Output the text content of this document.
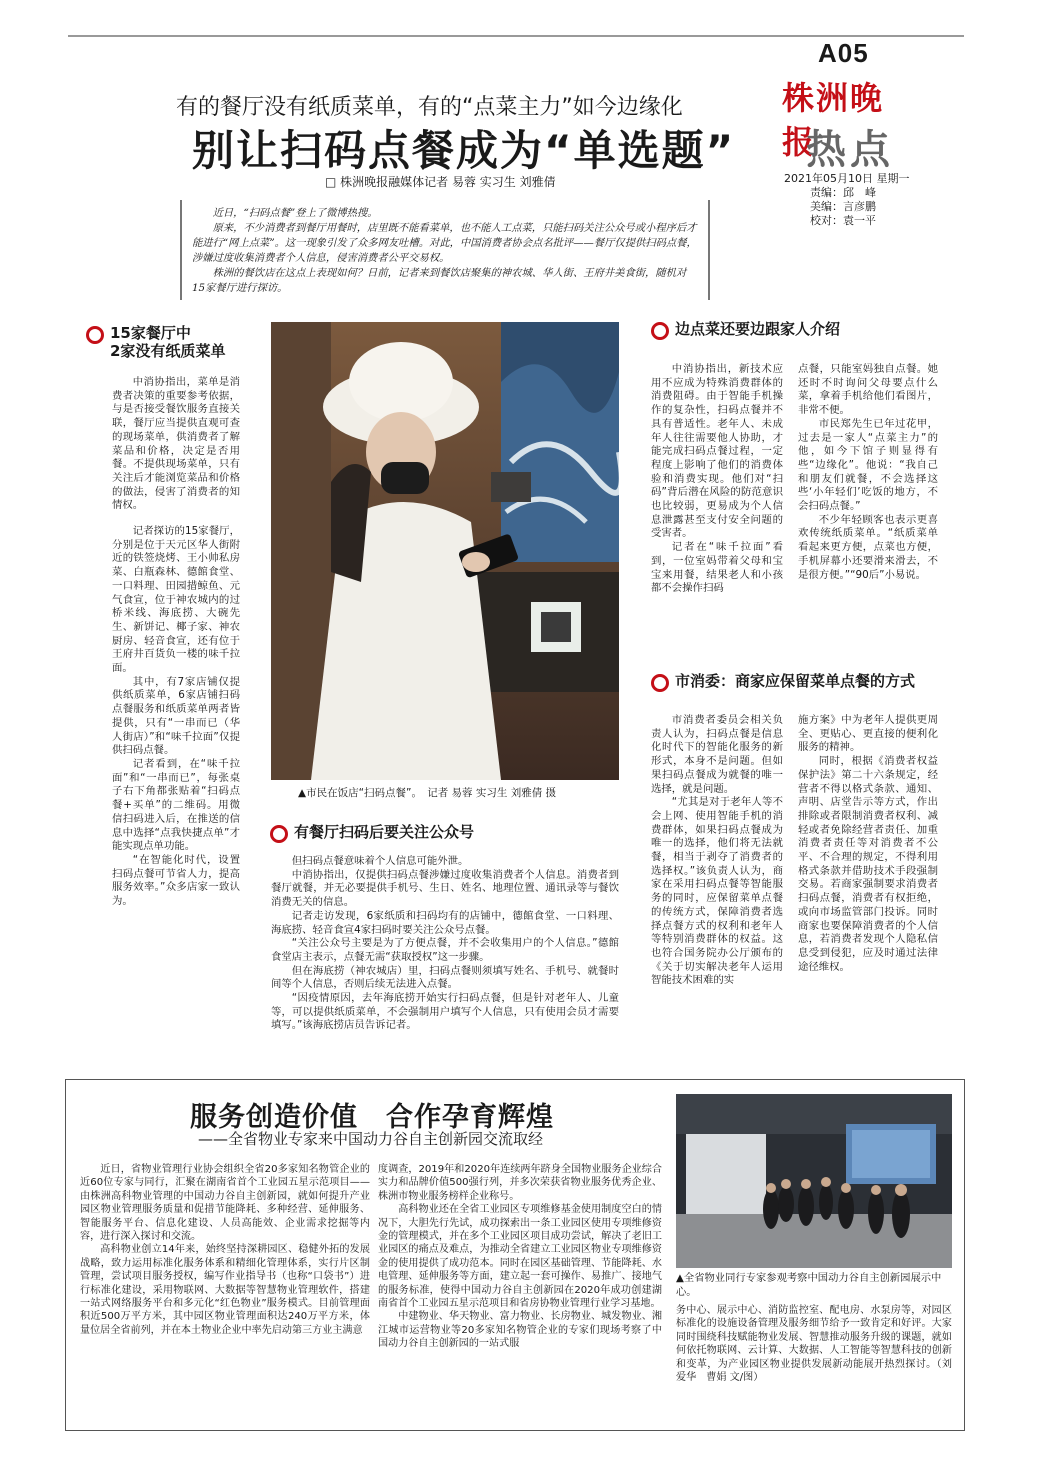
A05
株洲晚报
热点
2021年05月10日 星期一
责编：邱　峰
美编：言彦鹏
校对：袁一平
有的餐厅没有纸质菜单，有的“点菜主力”如今边缘化
别让扫码点餐成为“单选题”
□ 株洲晚报融媒体记者 易蓉 实习生 刘雅倩

近日，“扫码点餐”登上了微博热搜。

原来，不少消费者到餐厅用餐时，店里既不能看菜单，也不能人工点菜，只能扫码关注公众号或小程序后才能进行“网上点菜”。这一现象引发了众多网友吐槽。对此，中国消费者协会点名批评——餐厅仅提供扫码点餐，涉嫌过度收集消费者个人信息，侵害消费者公平交易权。

株洲的餐饮店在这点上表现如何？日前，记者来到餐饮店聚集的神农城、华人街、王府井美食街，随机对15家餐厅进行探访。

15家餐厅中
2家没有纸质菜单

中消协指出，菜单是消费者决策的重要参考依据，与是否接受餐饮服务直接关联，餐厅应当提供直观可查的现场菜单，供消费者了解菜品和价格，决定是否用餐。不提供现场菜单，只有关注后才能浏览菜品和价格的做法，侵害了消费者的知情权。

记者探访的15家餐厅，分别是位于天元区华人街附近的铁签烧烤、王小帅私房菜、白瓶森林、德館食堂、一口料理、田园措鲸鱼、元气食宣，位于神农城内的过桥米线、海底捞、大碗先生、新饼记、椰子家、神农厨房、轻音食宣，还有位于王府井百货负一楼的味千拉面。

其中，有7家店铺仅提供纸质菜单，6家店铺扫码点餐服务和纸质菜单两者皆提供，只有“一串而已（华人街店）”和“味千拉面”仅提供扫码点餐。

记者看到，在“味千拉面”和“一串而已”，每张桌子右下角都张贴着“扫码点餐+买单”的二维码。用微信扫码进入后，在推送的信息中选择“点我快捷点单”才能实现点单功能。

“在智能化时代，设置扫码点餐可节省人力，提高服务效率。”众多店家一致认为。

▲市民在饭店“扫码点餐”。　记者 易蓉 实习生 刘雅倩 摄
有餐厅扫码后要关注公众号

但扫码点餐意味着个人信息可能外泄。

中消协指出，仅提供扫码点餐涉嫌过度收集消费者个人信息。消费者到餐厅就餐，并无必要提供手机号、生日、姓名、地理位置、通讯录等与餐饮消费无关的信息。

记者走访发现，6家纸质和扫码均有的店铺中，德館食堂、一口料理、海底捞、轻音食宣4家扫码时要关注公众号点餐。

“关注公众号主要是为了方便点餐，并不会收集用户的个人信息。”德館食堂店主表示，点餐无需“获取授权”这一步骤。

但在海底捞（神农城店）里，扫码点餐则须填写姓名、手机号、就餐时间等个人信息，否则后续无法进入点餐。

“因疫情原因，去年海底捞开始实行扫码点餐，但是针对老年人、儿童等，可以提供纸质菜单，不会强制用户填写个人信息，只有使用会员才需要填写。”该海底捞店员告诉记者。

边点菜还要边跟家人介绍

中消协指出，新技术应用不应成为特殊消费群体的消费阻碍。由于智能手机操作的复杂性，扫码点餐并不具有普适性。老年人、未成年人往往需要他人协助，才能完成扫码点餐过程，一定程度上影响了他们的消费体验和消费实现。他们对“扫码”背后潜在风险的防范意识也比较弱，更易成为个人信息泄露甚至支付安全问题的受害者。

记者在“味千拉面”看到，一位室妈带着父母和宝宝来用餐，结果老人和小孩都不会操作扫码

点餐，只能室妈独自点餐。她还时不时询问父母要点什么菜，拿着手机给他们看图片，非常不便。

市民郑先生已年过花甲，过去是一家人“点菜主力”的他，如今下馆子则显得有些“边缘化”。他说：“我自己和朋友们就餐，不会选择这些‘小年轻们’吃饭的地方，不会扫码点餐。”

不少年轻顾客也表示更喜欢传统纸质菜单。“纸质菜单看起来更方便，点菜也方便，手机屏幕小还要滑来滑去，不是很方便。”“90后”小易说。

市消委：商家应保留菜单点餐的方式

市消费者委员会相关负责人认为，扫码点餐是信息化时代下的智能化服务的新形式，本身不是问题。但如果扫码点餐成为就餐的唯一选择，就是问题。

“尤其是对于老年人等不会上网、使用智能手机的消费群体，如果扫码点餐成为唯一的选择，他们将无法就餐，相当于剥夺了消费者的选择权。”该负责人认为，商家在采用扫码点餐等智能服务的同时，应保留菜单点餐的传统方式，保障消费者选择点餐方式的权利和老年人等特别消费群体的权益。这也符合国务院办公厅颁布的《关于切实解决老年人运用智能技术困难的实

施方案》中为老年人提供更周全、更贴心、更直接的便利化服务的精神。

同时，根据《消费者权益保护法》第二十六条规定，经营者不得以格式条款、通知、声明、店堂告示等方式，作出排除或者限制消费者权利、减轻或者免除经营者责任、加重消费者责任等对消费者不公平、不合理的规定，不得利用格式条款并借助技术手段强制交易。若商家强制要求消费者扫码点餐，消费者有权拒绝，或向市场监管部门投诉。同时商家也要保障消费者的个人信息，若消费者发现个人隐私信息受到侵犯，应及时通过法律途径维权。

服务创造价值　合作孕育辉煌
——全省物业专家来中国动力谷自主创新园交流取经

近日，省物业管理行业协会组织全省20多家知名物管企业的近60位专家与同行，汇聚在湖南省首个工业园五星示范项目——由株洲高科物业管理的中国动力谷自主创新园，就如何提升产业园区物业管理服务质量和促措节能降耗、多种经营、延伸服务、智能服务平台、信息化建设、人员高能效、企业需求挖掘等内容，进行深入探讨和交流。

高科物业创立14年来，始终坚持深耕园区、稳健外拓的发展战略，致力运用标准化服务体系和精细化管理体系，实行片区制管理，尝试项目服务授权，编写作业指导书（也称“口袋书”）进行标准化建设，采用物联网、大数据等智慧物业管理软件，搭建一站式网络服务平台和多元化“红色物业”服务模式。目前管理面积近500万平方米，其中园区物业管理面积达240万平方米，体量位居全省前列，并在本土物业企业中率先启动第三方业主满意

度调查，2019年和2020年连续两年跻身全国物业服务企业综合实力和品牌价值500强行列，并多次荣获省物业服务优秀企业、株洲市物业服务榜样企业称号。

高科物业还在全省工业园区专项维修基金使用制度空白的情况下，大胆先行先试，成功探索出一条工业园区使用专项维修资金的管理模式，并在多个工业园区项目成功尝试，解决了老旧工业园区的痛点及难点，为推动全省建立工业园区物业专项维修资金的使用提供了成功范本。同时在园区基础管理、节能降耗、水电管理、延伸服务等方面，建立起一套可操作、易推广、接地气的服务标准，使得中国动力谷自主创新园在2020年成功创建湖南省首个工业园五星示范项目和省房协物业管理行业学习基地。

中建物业、华天物业、富力物业、长房物业、城发物业、湘江城市运营物业等20多家知名物管企业的专家们现场考察了中国动力谷自主创新园的一站式服

▲全省物业同行专家参观考察中国动力谷自主创新园展示中心。

务中心、展示中心、消防监控室、配电房、水泵房等，对园区标准化的设施设备管理及服务细节给予一致肯定和好评。大家同时围绕科技赋能物业发展、智慧推动服务升级的课题，就如何依托物联网、云计算、大数据、人工智能等智慧科技的创新和变革，为产业园区物业提供发展新动能展开热烈探讨。（刘爱华　曹娟 文/图）
